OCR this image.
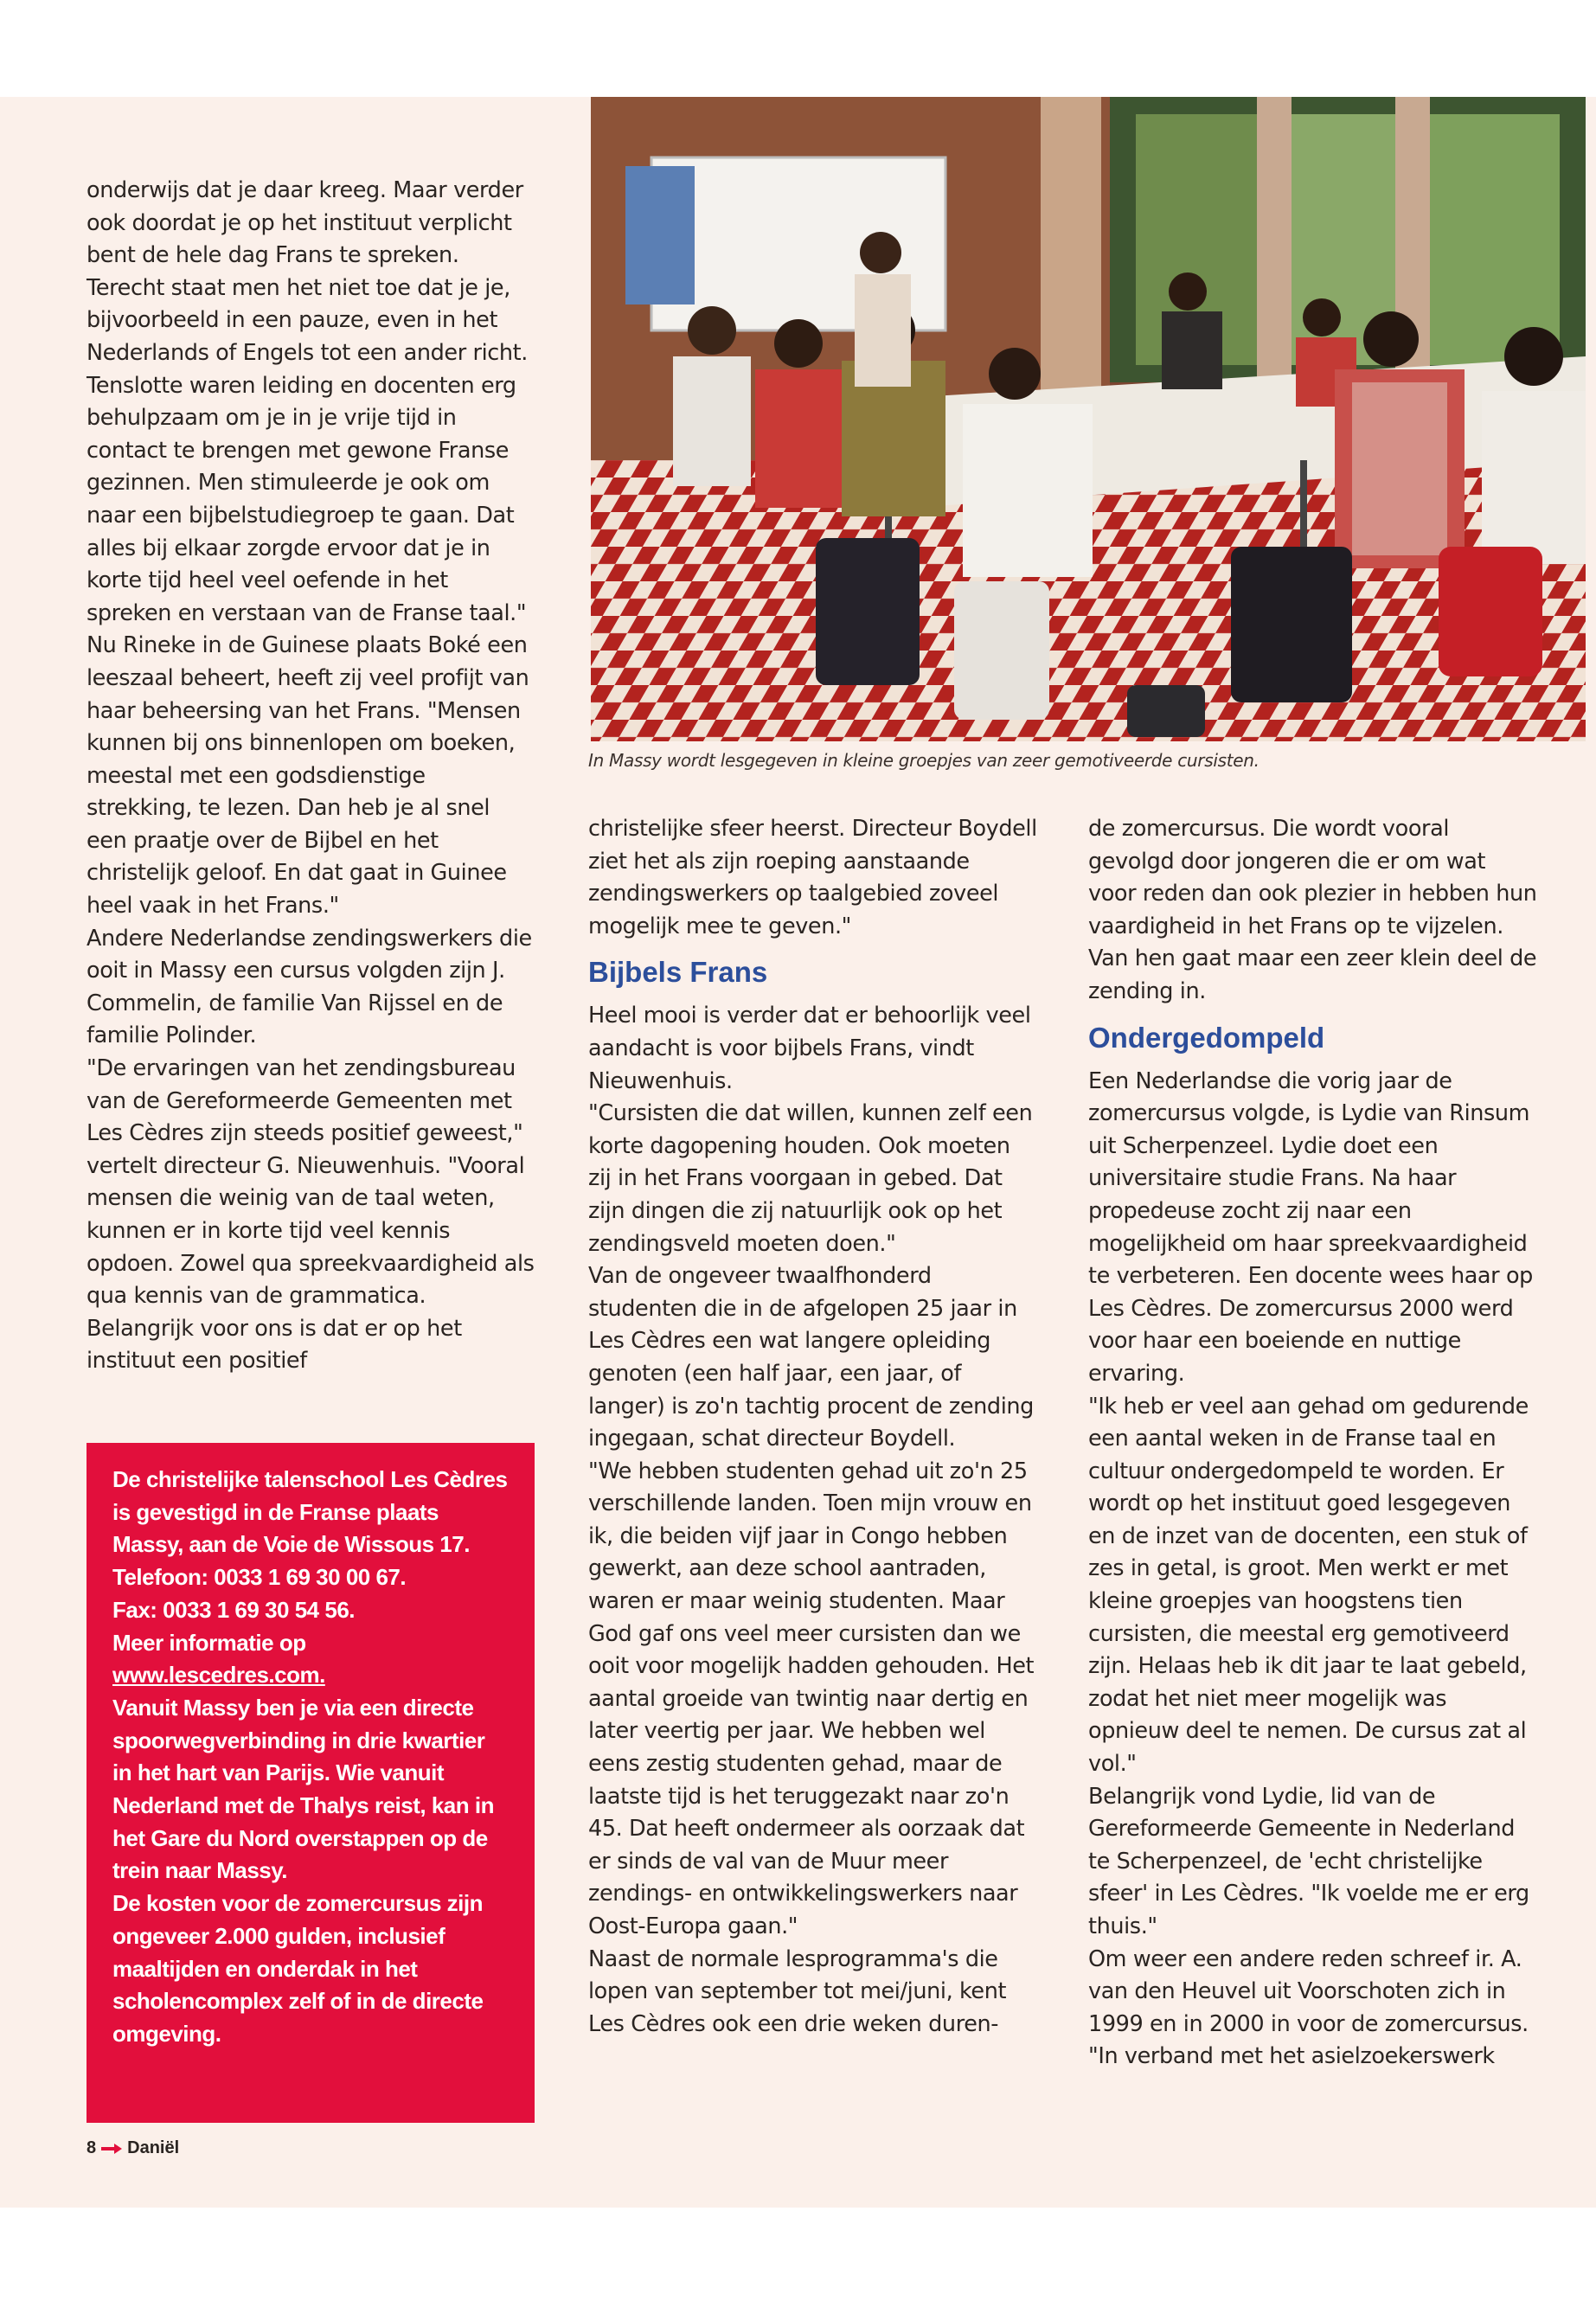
In Massy wordt lesgegeven in kleine groepjes van zeer gemotiveerde cursisten.

onderwijs dat je daar kreeg. Maar verder ook doordat je op het instituut verplicht bent de hele dag Frans te spreken. Terecht staat men het niet toe dat je je, bijvoorbeeld in een pauze, even in het Nederlands of Engels tot een ander richt. Tenslotte waren leiding en docenten erg behulpzaam om je in je vrije tijd in contact te brengen met gewone Franse gezinnen. Men stimuleerde je ook om naar een bijbelstudiegroep te gaan. Dat alles bij elkaar zorgde ervoor dat je in korte tijd heel veel oefende in het spreken en verstaan van de Franse taal."

Nu Rineke in de Guinese plaats Boké een leeszaal beheert, heeft zij veel profijt van haar beheersing van het Frans. "Mensen kunnen bij ons binnenlopen om boeken, meestal met een godsdienstige strekking, te lezen. Dan heb je al snel een praatje over de Bijbel en het christelijk geloof. En dat gaat in Guinee heel vaak in het Frans."

Andere Nederlandse zendingswerkers die ooit in Massy een cursus volgden zijn J. Commelin, de familie Van Rijssel en de familie Polinder.

"De ervaringen van het zendingsbureau van de Gereformeerde Gemeenten met Les Cèdres zijn steeds positief geweest," vertelt directeur G. Nieuwenhuis. "Vooral mensen die weinig van de taal weten, kunnen er in korte tijd veel kennis opdoen. Zowel qua spreekvaardigheid als qua kennis van de grammatica. Belangrijk voor ons is dat er op het instituut een positief

De christelijke talenschool Les Cèdres is gevestigd in de Franse plaats Massy, aan de Voie de Wissous 17.

Telefoon: 0033 1 69 30 00 67.

Fax: 0033 1 69 30 54 56.

Meer informatie op

www.lescedres.com.

Vanuit Massy ben je via een directe spoorwegverbinding in drie kwartier in het hart van Parijs. Wie vanuit Nederland met de Thalys reist, kan in het Gare du Nord overstappen op de trein naar Massy.

De kosten voor de zomercursus zijn ongeveer 2.000 gulden, inclusief maaltijden en onderdak in het scholencomplex zelf of in de directe omgeving.

christelijke sfeer heerst. Directeur Boydell ziet het als zijn roeping aanstaande zendingswerkers op taalgebied zoveel mogelijk mee te geven."

Bijbels Frans

Heel mooi is verder dat er behoorlijk veel aandacht is voor bijbels Frans, vindt Nieuwenhuis.

"Cursisten die dat willen, kunnen zelf een korte dagopening houden. Ook moeten zij in het Frans voorgaan in gebed. Dat zijn dingen die zij natuurlijk ook op het zendingsveld moeten doen."

Van de ongeveer twaalfhonderd studenten die in de afgelopen 25 jaar in Les Cèdres een wat langere opleiding genoten (een half jaar, een jaar, of langer) is zo'n tachtig procent de zending ingegaan, schat directeur Boydell.

"We hebben studenten gehad uit zo'n 25 verschillende landen. Toen mijn vrouw en ik, die beiden vijf jaar in Congo hebben gewerkt, aan deze school aantraden, waren er maar weinig studenten. Maar God gaf ons veel meer cursisten dan we ooit voor mogelijk hadden gehouden. Het aantal groeide van twintig naar dertig en later veertig per jaar. We hebben wel eens zestig studenten gehad, maar de laatste tijd is het teruggezakt naar zo'n 45. Dat heeft ondermeer als oorzaak dat er sinds de val van de Muur meer zendings- en ontwikkelingswerkers naar Oost-Europa gaan."

Naast de normale lesprogramma's die lopen van september tot mei/juni, kent Les Cèdres ook een drie weken duren-

de zomercursus. Die wordt vooral gevolgd door jongeren die er om wat voor reden dan ook plezier in hebben hun vaardigheid in het Frans op te vijzelen. Van hen gaat maar een zeer klein deel de zending in.

Ondergedompeld

Een Nederlandse die vorig jaar de zomercursus volgde, is Lydie van Rinsum uit Scherpenzeel. Lydie doet een universitaire studie Frans. Na haar propedeuse zocht zij naar een mogelijkheid om haar spreekvaardigheid te verbeteren. Een docente wees haar op Les Cèdres. De zomercursus 2000 werd voor haar een boeiende en nuttige ervaring.

"Ik heb er veel aan gehad om gedurende een aantal weken in de Franse taal en cultuur ondergedompeld te worden. Er wordt op het instituut goed lesgegeven en de inzet van de docenten, een stuk of zes in getal, is groot. Men werkt er met kleine groepjes van hoogstens tien cursisten, die meestal erg gemotiveerd zijn. Helaas heb ik dit jaar te laat gebeld, zodat het niet meer mogelijk was opnieuw deel te nemen. De cursus zat al vol."

Belangrijk vond Lydie, lid van de Gereformeerde Gemeente in Nederland te Scherpenzeel, de 'echt christelijke sfeer' in Les Cèdres. "Ik voelde me er erg thuis."

Om weer een andere reden schreef ir. A. van den Heuvel uit Voorschoten zich in 1999 en in 2000 in voor de zomercursus.

"In verband met het asielzoekerswerk

8 Daniël
